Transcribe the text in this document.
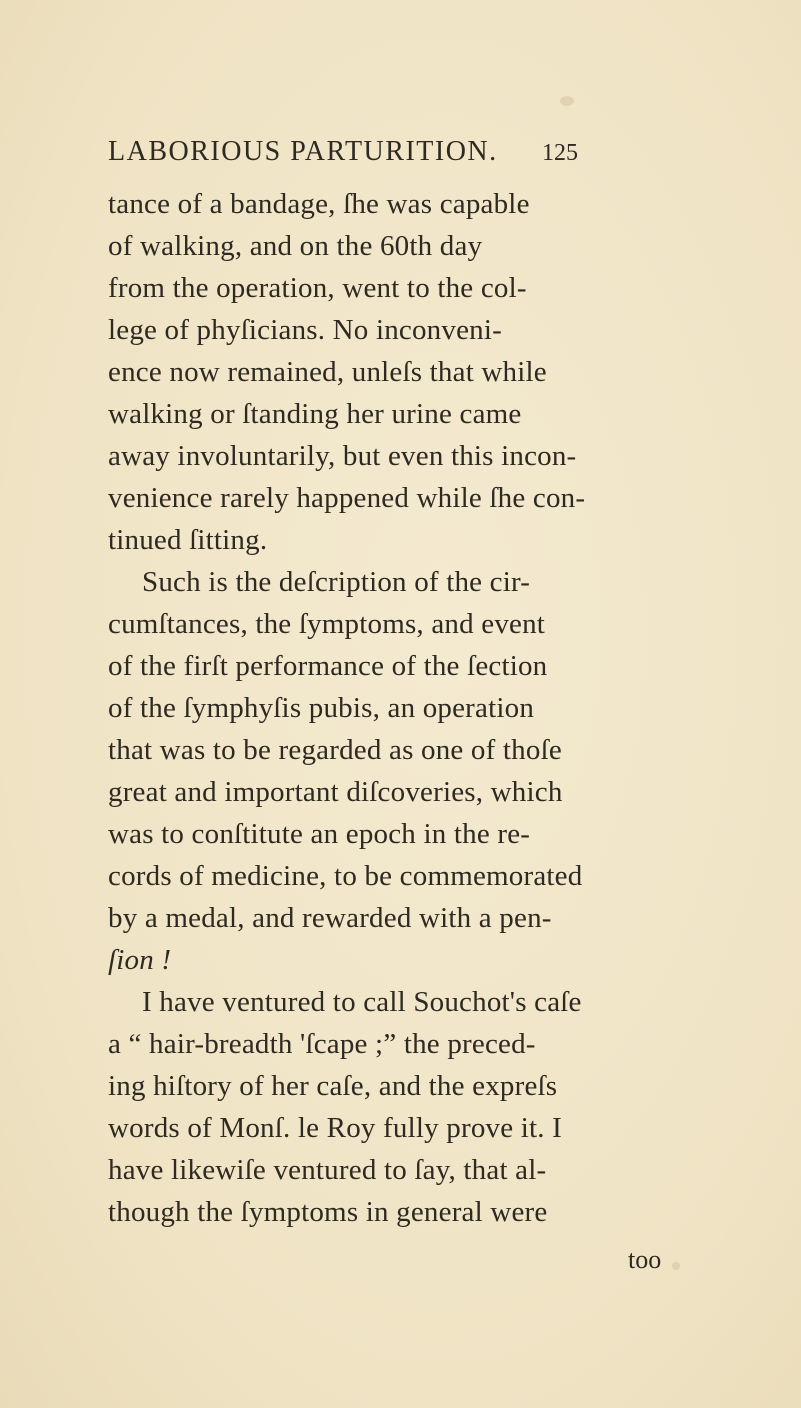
LABORIOUS PARTURITION. 125
tance of a bandage, ſhe was capable
of walking, and on the 60th day
from the operation, went to the col-
lege of phyſicians. No inconveni-
ence now remained, unleſs that while
walking or ſtanding her urine came
away involuntarily, but even this incon-
venience rarely happened while ſhe con-
tinued ſitting.
Such is the deſcription of the cir-
cumſtances, the ſymptoms, and event
of the firſt performance of the ſection
of the ſymphyſis pubis, an operation
that was to be regarded as one of thoſe
great and important diſcoveries, which
was to conſtitute an epoch in the re-
cords of medicine, to be commemorated
by a medal, and rewarded with a pen-
ſion !
I have ventured to call Souchot's caſe
a “ hair-breadth 'ſcape ;” the preced-
ing hiſtory of her caſe, and the expreſs
words of Monſ. le Roy fully prove it. I
have likewiſe ventured to ſay, that al-
though the ſymptoms in general were
too
